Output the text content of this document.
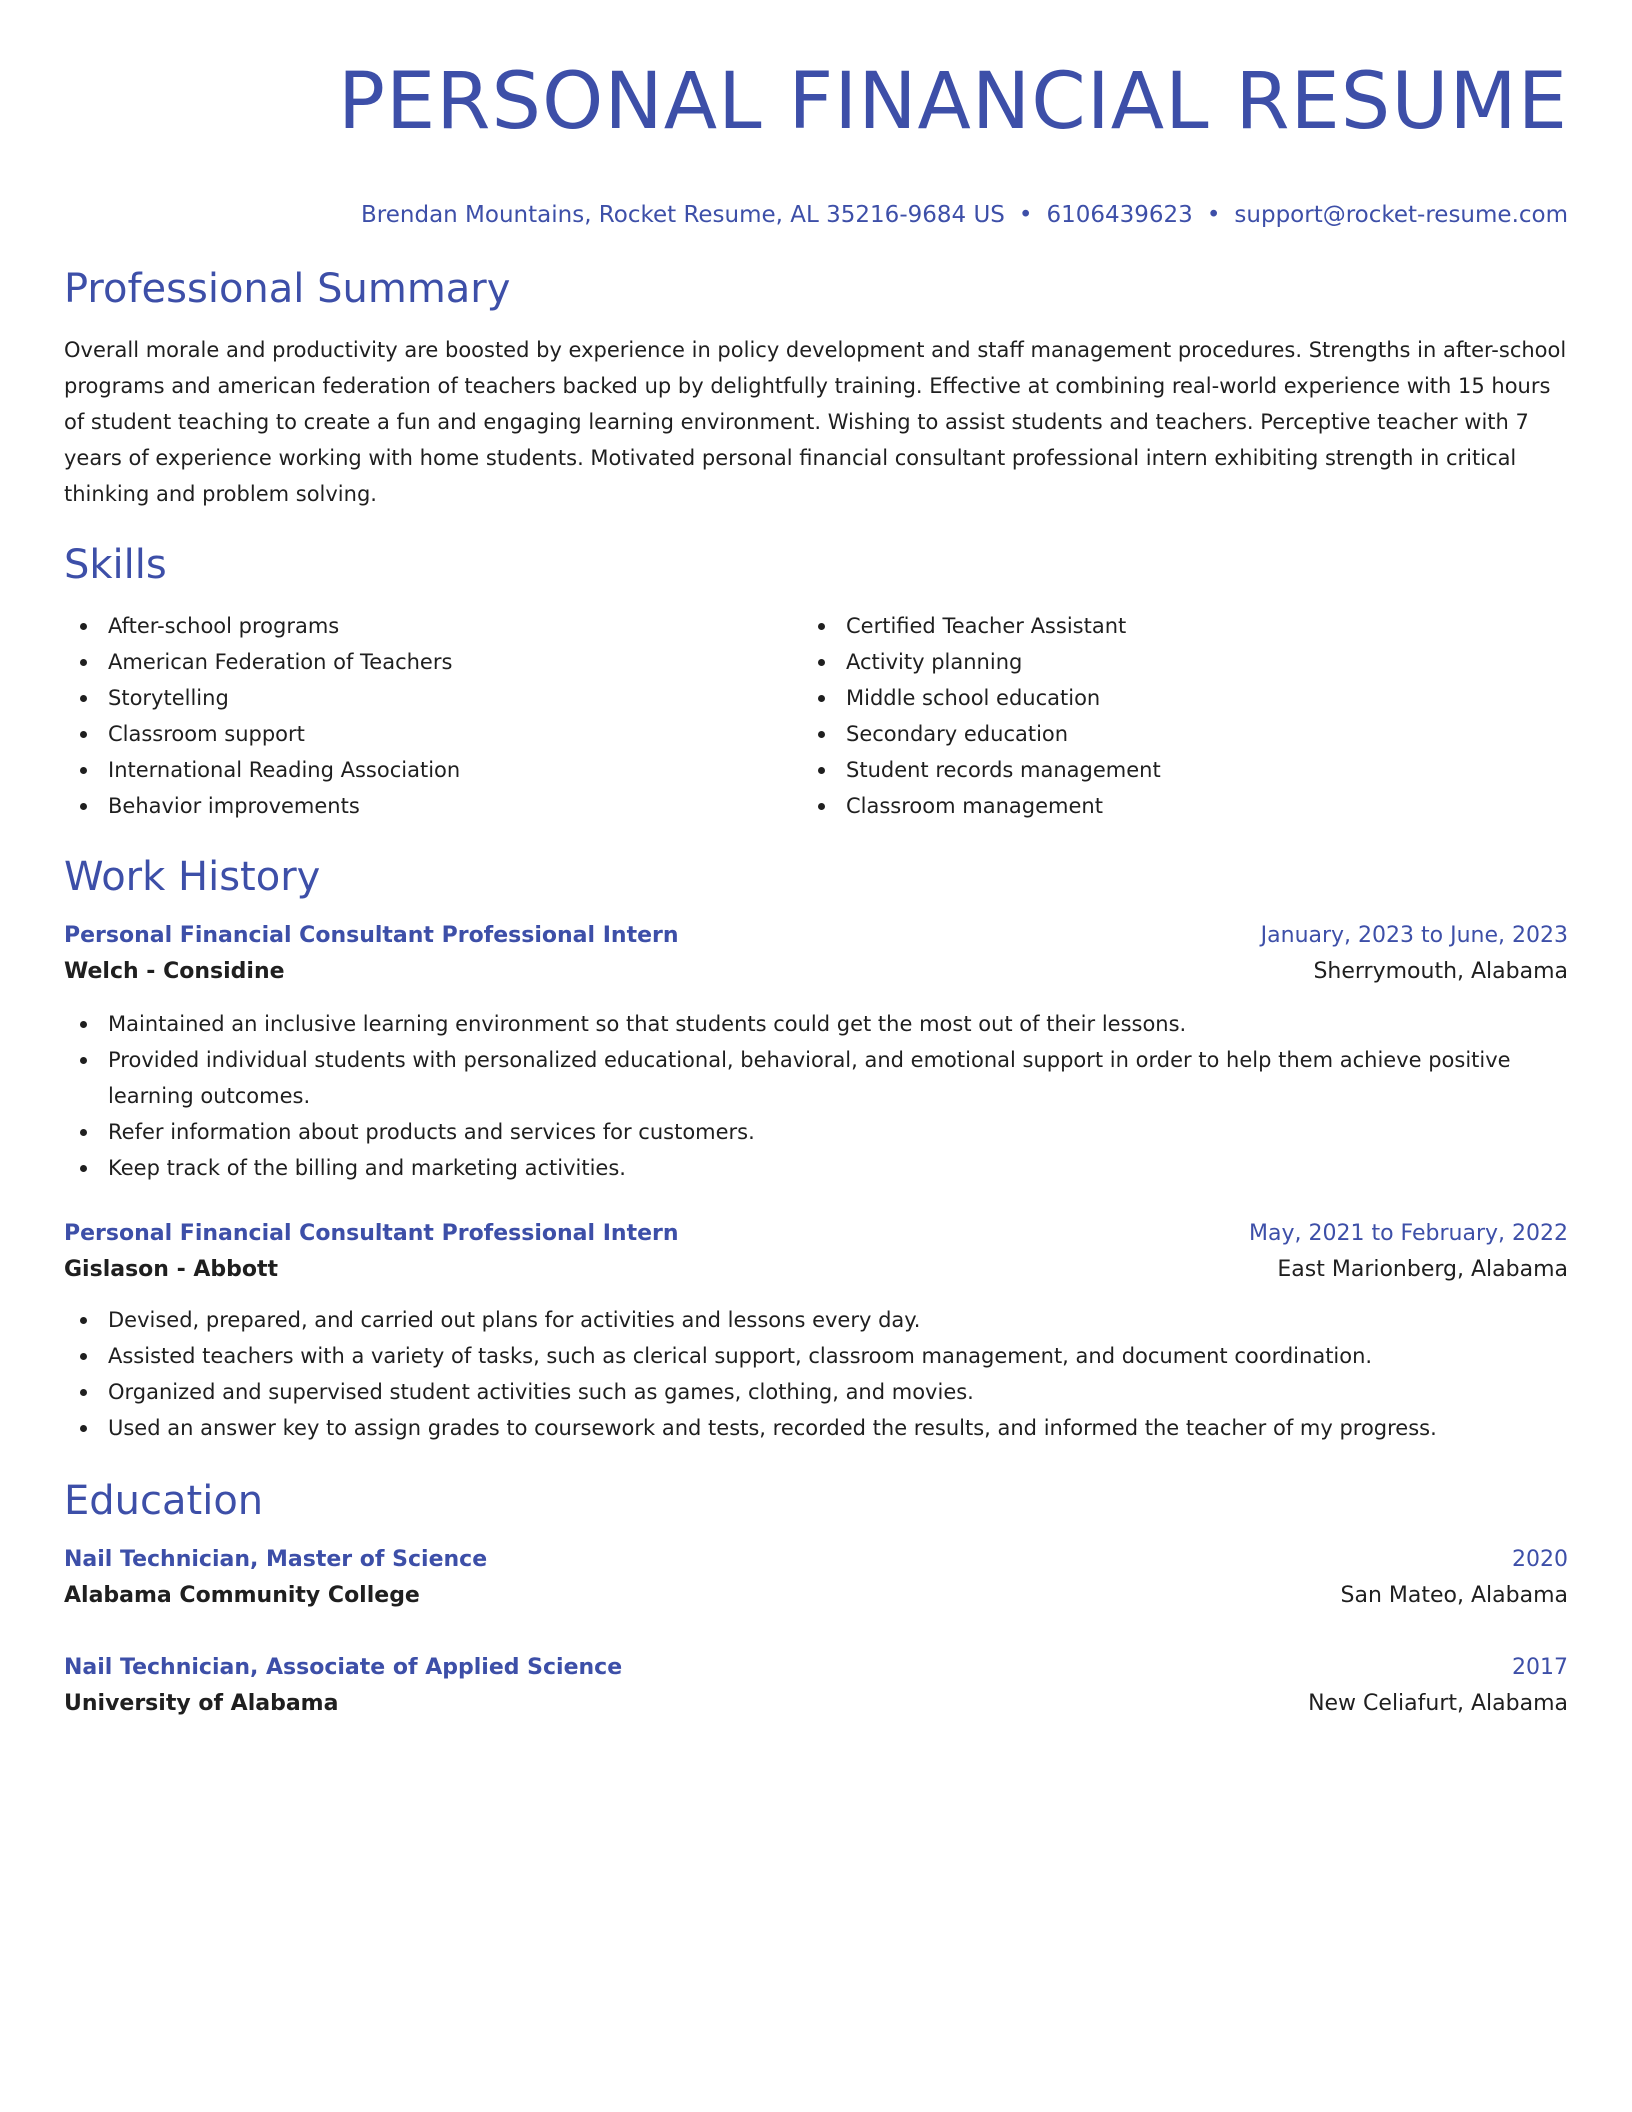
PERSONAL FINANCIAL RESUME
Brendan Mountains, Rocket Resume, AL 35216-9684 US • 6106439623 • support@rocket-resume.com
Professional Summary

Overall morale and productivity are boosted by experience in policy development and staff management procedures. Strengths in after-school programs and american federation of teachers backed up by delightfully training. Effective at combining real-world experience with 15 hours of student teaching to create a fun and engaging learning environment. Wishing to assist students and teachers. Perceptive teacher with 7 years of experience working with home students. Motivated personal financial consultant professional intern exhibiting strength in critical thinking and problem solving.

Skills
After-school programs
American Federation of Teachers
Storytelling
Classroom support
International Reading Association
Behavior improvements
Certified Teacher Assistant
Activity planning
Middle school education
Secondary education
Student records management
Classroom management
Work History
Personal Financial Consultant Professional Intern	January, 2023 to June, 2023
Welch - Considine	Sherrymouth, Alabama
Maintained an inclusive learning environment so that students could get the most out of their lessons.
Provided individual students with personalized educational, behavioral, and emotional support in order to help them achieve positive learning outcomes.
Refer information about products and services for customers.
Keep track of the billing and marketing activities.
Personal Financial Consultant Professional Intern	May, 2021 to February, 2022
Gislason - Abbott	East Marionberg, Alabama
Devised, prepared, and carried out plans for activities and lessons every day.
Assisted teachers with a variety of tasks, such as clerical support, classroom management, and document coordination.
Organized and supervised student activities such as games, clothing, and movies.
Used an answer key to assign grades to coursework and tests, recorded the results, and informed the teacher of my progress.
Education
Nail Technician, Master of Science	2020
Alabama Community College	San Mateo, Alabama
Nail Technician, Associate of Applied Science	2017
University of Alabama	New Celiafurt, Alabama
